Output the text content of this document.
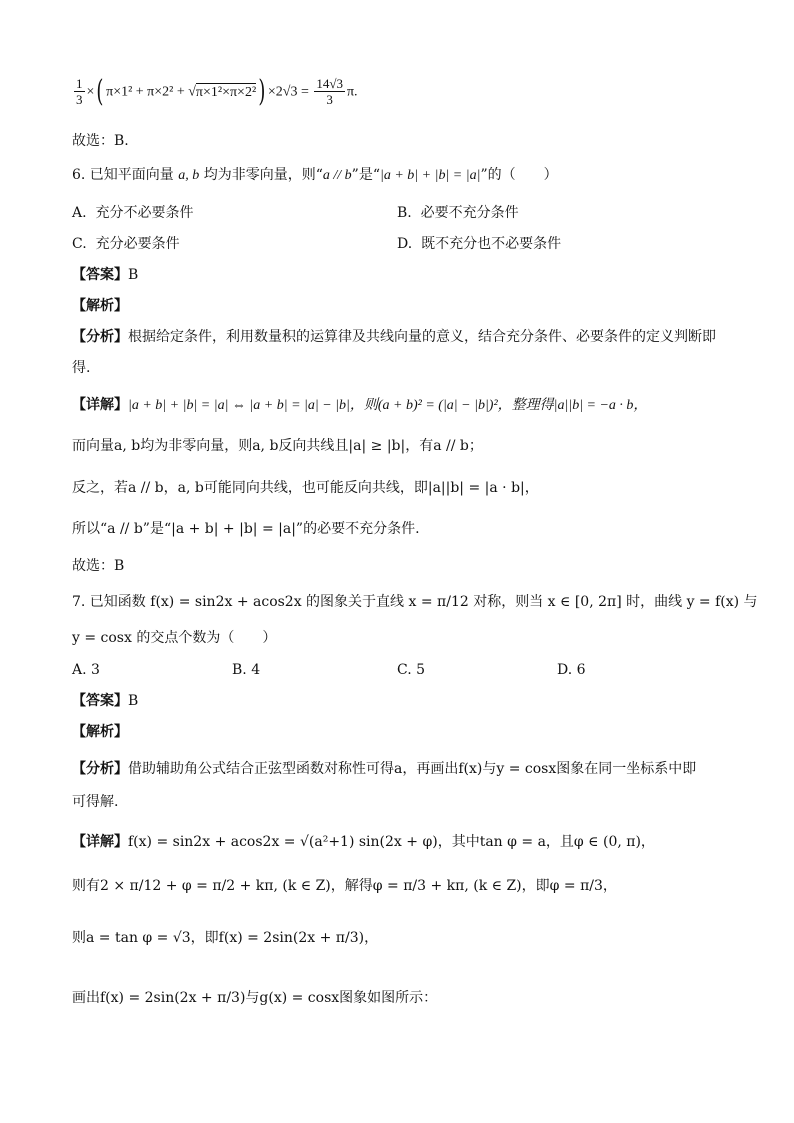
$\frac{1}{3}$ ×( $\pi\times 1^2 + \pi\times 2^2 + √\pi\times 1^2\times\pi\times 2^2) \times 2√3 = \frac{14√3}{3} \pi$.
故选：B.
6. 已知平面向量 a, b 均为非零向量，则“a // b”是“|a + b| + |b| = |a|”的（　　）
A. 充分不必要条件	B. 必要不充分条件
C. 充分必要条件	D. 既不充分也不必要条件
【答案】B
【解析】
【分析】根据给定条件，利用数量积的运算律及共线向量的意义，结合充分条件、必要条件的定义判断即
得.
【详解】|a + b| + |b| = |a| ⇔ |a + b| = |a| − |b|，则(a + b)² = (|a| − |b|)²，整理得|a||b| = −a · b，
而向量a, b均为非零向量，则a, b反向共线且|a| ≥ |b|，有a // b；
反之，若a // b，a, b可能同向共线，也可能反向共线，即|a||b| = |a · b|，
所以“a // b”是“|a + b| + |b| = |a|”的必要不充分条件.
故选：B
7. 已知函数 f(x) = sin2x + acos2x 的图象关于直线 x = π/12 对称，则当 x ∈ [0, 2π] 时，曲线 y = f(x) 与
y = cosx 的交点个数为（　　）
A. 3	B. 4	C. 5	D. 6
【答案】B
【解析】
【分析】借助辅助角公式结合正弦型函数对称性可得a，再画出f(x)与y = cosx图象在同一坐标系中即
可得解.
【详解】f(x) = sin2x + acos2x = √(a²+1) sin(2x + φ)，其中tan φ = a，且φ ∈ (0, π)，
则有2 × π/12 + φ = π/2 + kπ, (k ∈ Z)，解得φ = π/3 + kπ, (k ∈ Z)，即φ = π/3，
则a = tan φ = √3，即f(x) = 2sin(2x + π/3)，
画出f(x) = 2sin(2x + π/3)与g(x) = cosx图象如图所示：
